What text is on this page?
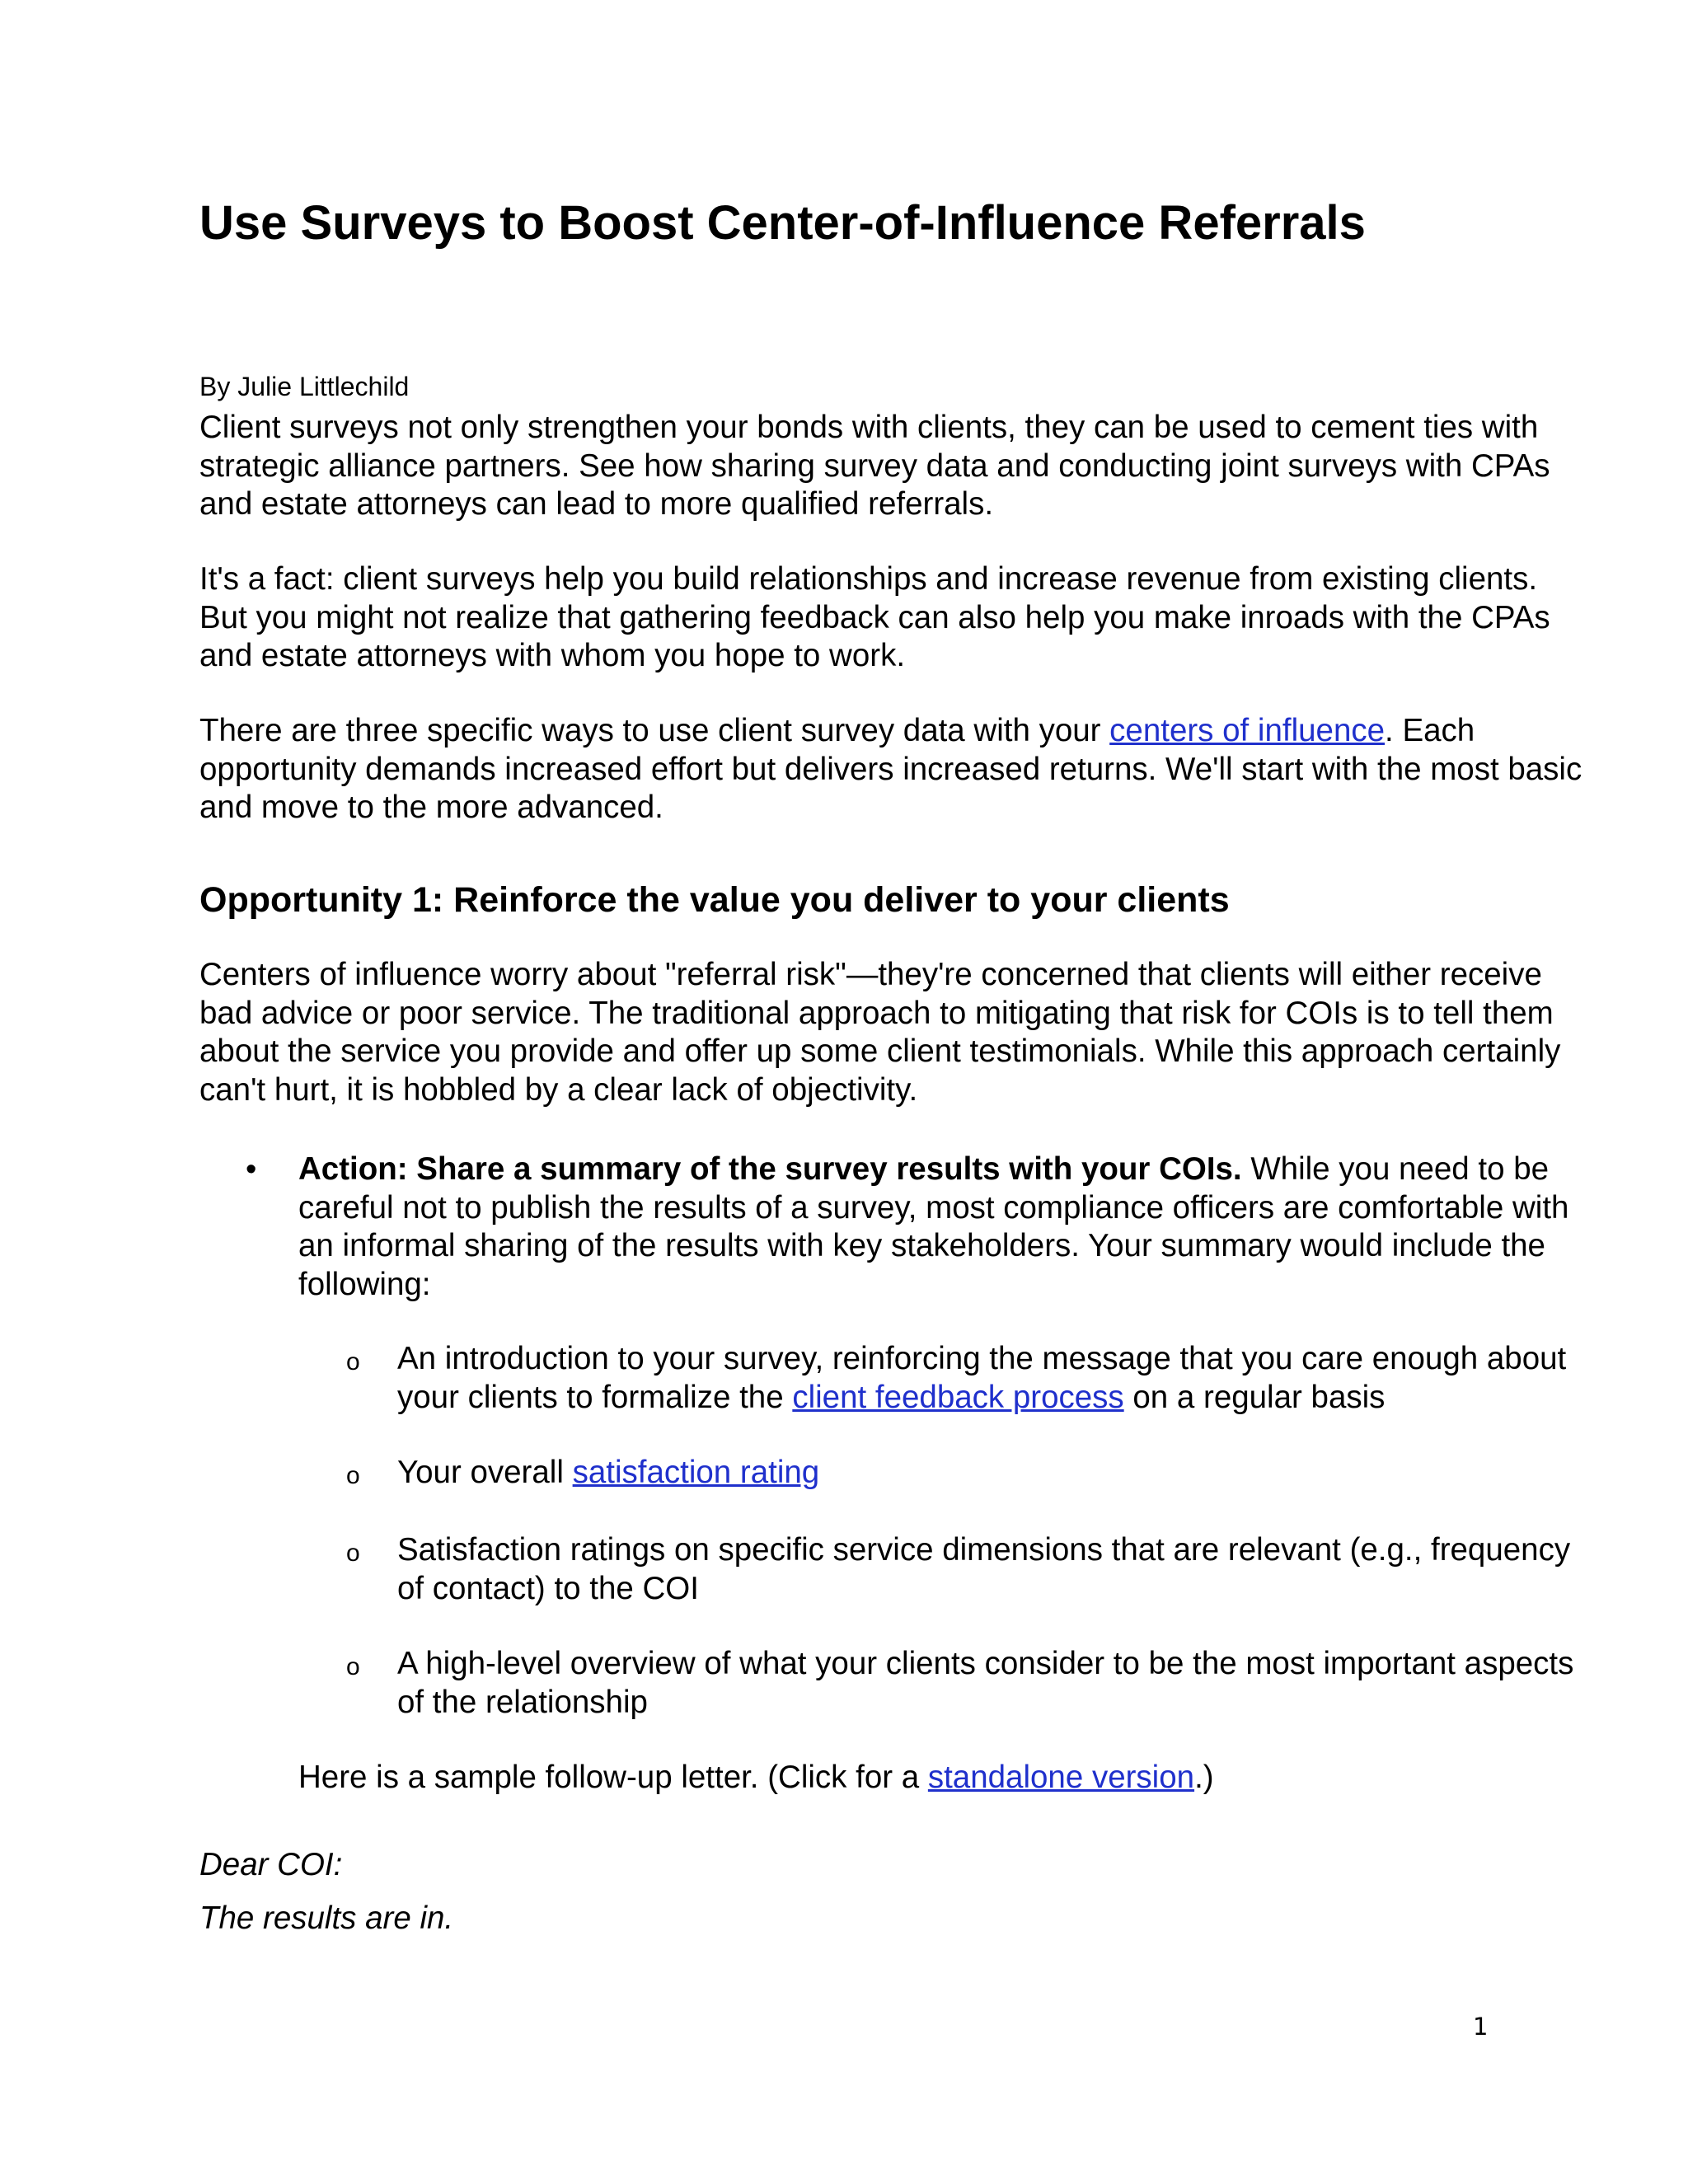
Use Surveys to Boost Center-of-Influence Referrals

By Julie Littlechild

Client surveys not only strengthen your bonds with clients, they can be used to cement ties with strategic alliance partners. See how sharing survey data and conducting joint surveys with CPAs and estate attorneys can lead to more qualified referrals.

It's a fact: client surveys help you build relationships and increase revenue from existing clients. But you might not realize that gathering feedback can also help you make inroads with the CPAs and estate attorneys with whom you hope to work.

There are three specific ways to use client survey data with your centers of influence. Each opportunity demands increased effort but delivers increased returns. We'll start with the most basic and move to the more advanced.

Opportunity 1: Reinforce the value you deliver to your clients

Centers of influence worry about "referral risk"—they're concerned that clients will either receive bad advice or poor service. The traditional approach to mitigating that risk for COIs is to tell them about the service you provide and offer up some client testimonials. While this approach certainly can't hurt, it is hobbled by a clear lack of objectivity.

• Action: Share a summary of the survey results with your COIs. While you need to be careful not to publish the results of a survey, most compliance officers are comfortable with an informal sharing of the results with key stakeholders. Your summary would include the following:

o An introduction to your survey, reinforcing the message that you care enough about your clients to formalize the client feedback process on a regular basis

o Your overall satisfaction rating

o Satisfaction ratings on specific service dimensions that are relevant (e.g., frequency of contact) to the COI

o A high-level overview of what your clients consider to be the most important aspects of the relationship

Here is a sample follow-up letter. (Click for a standalone version.)

Dear COI:

The results are in.

1
